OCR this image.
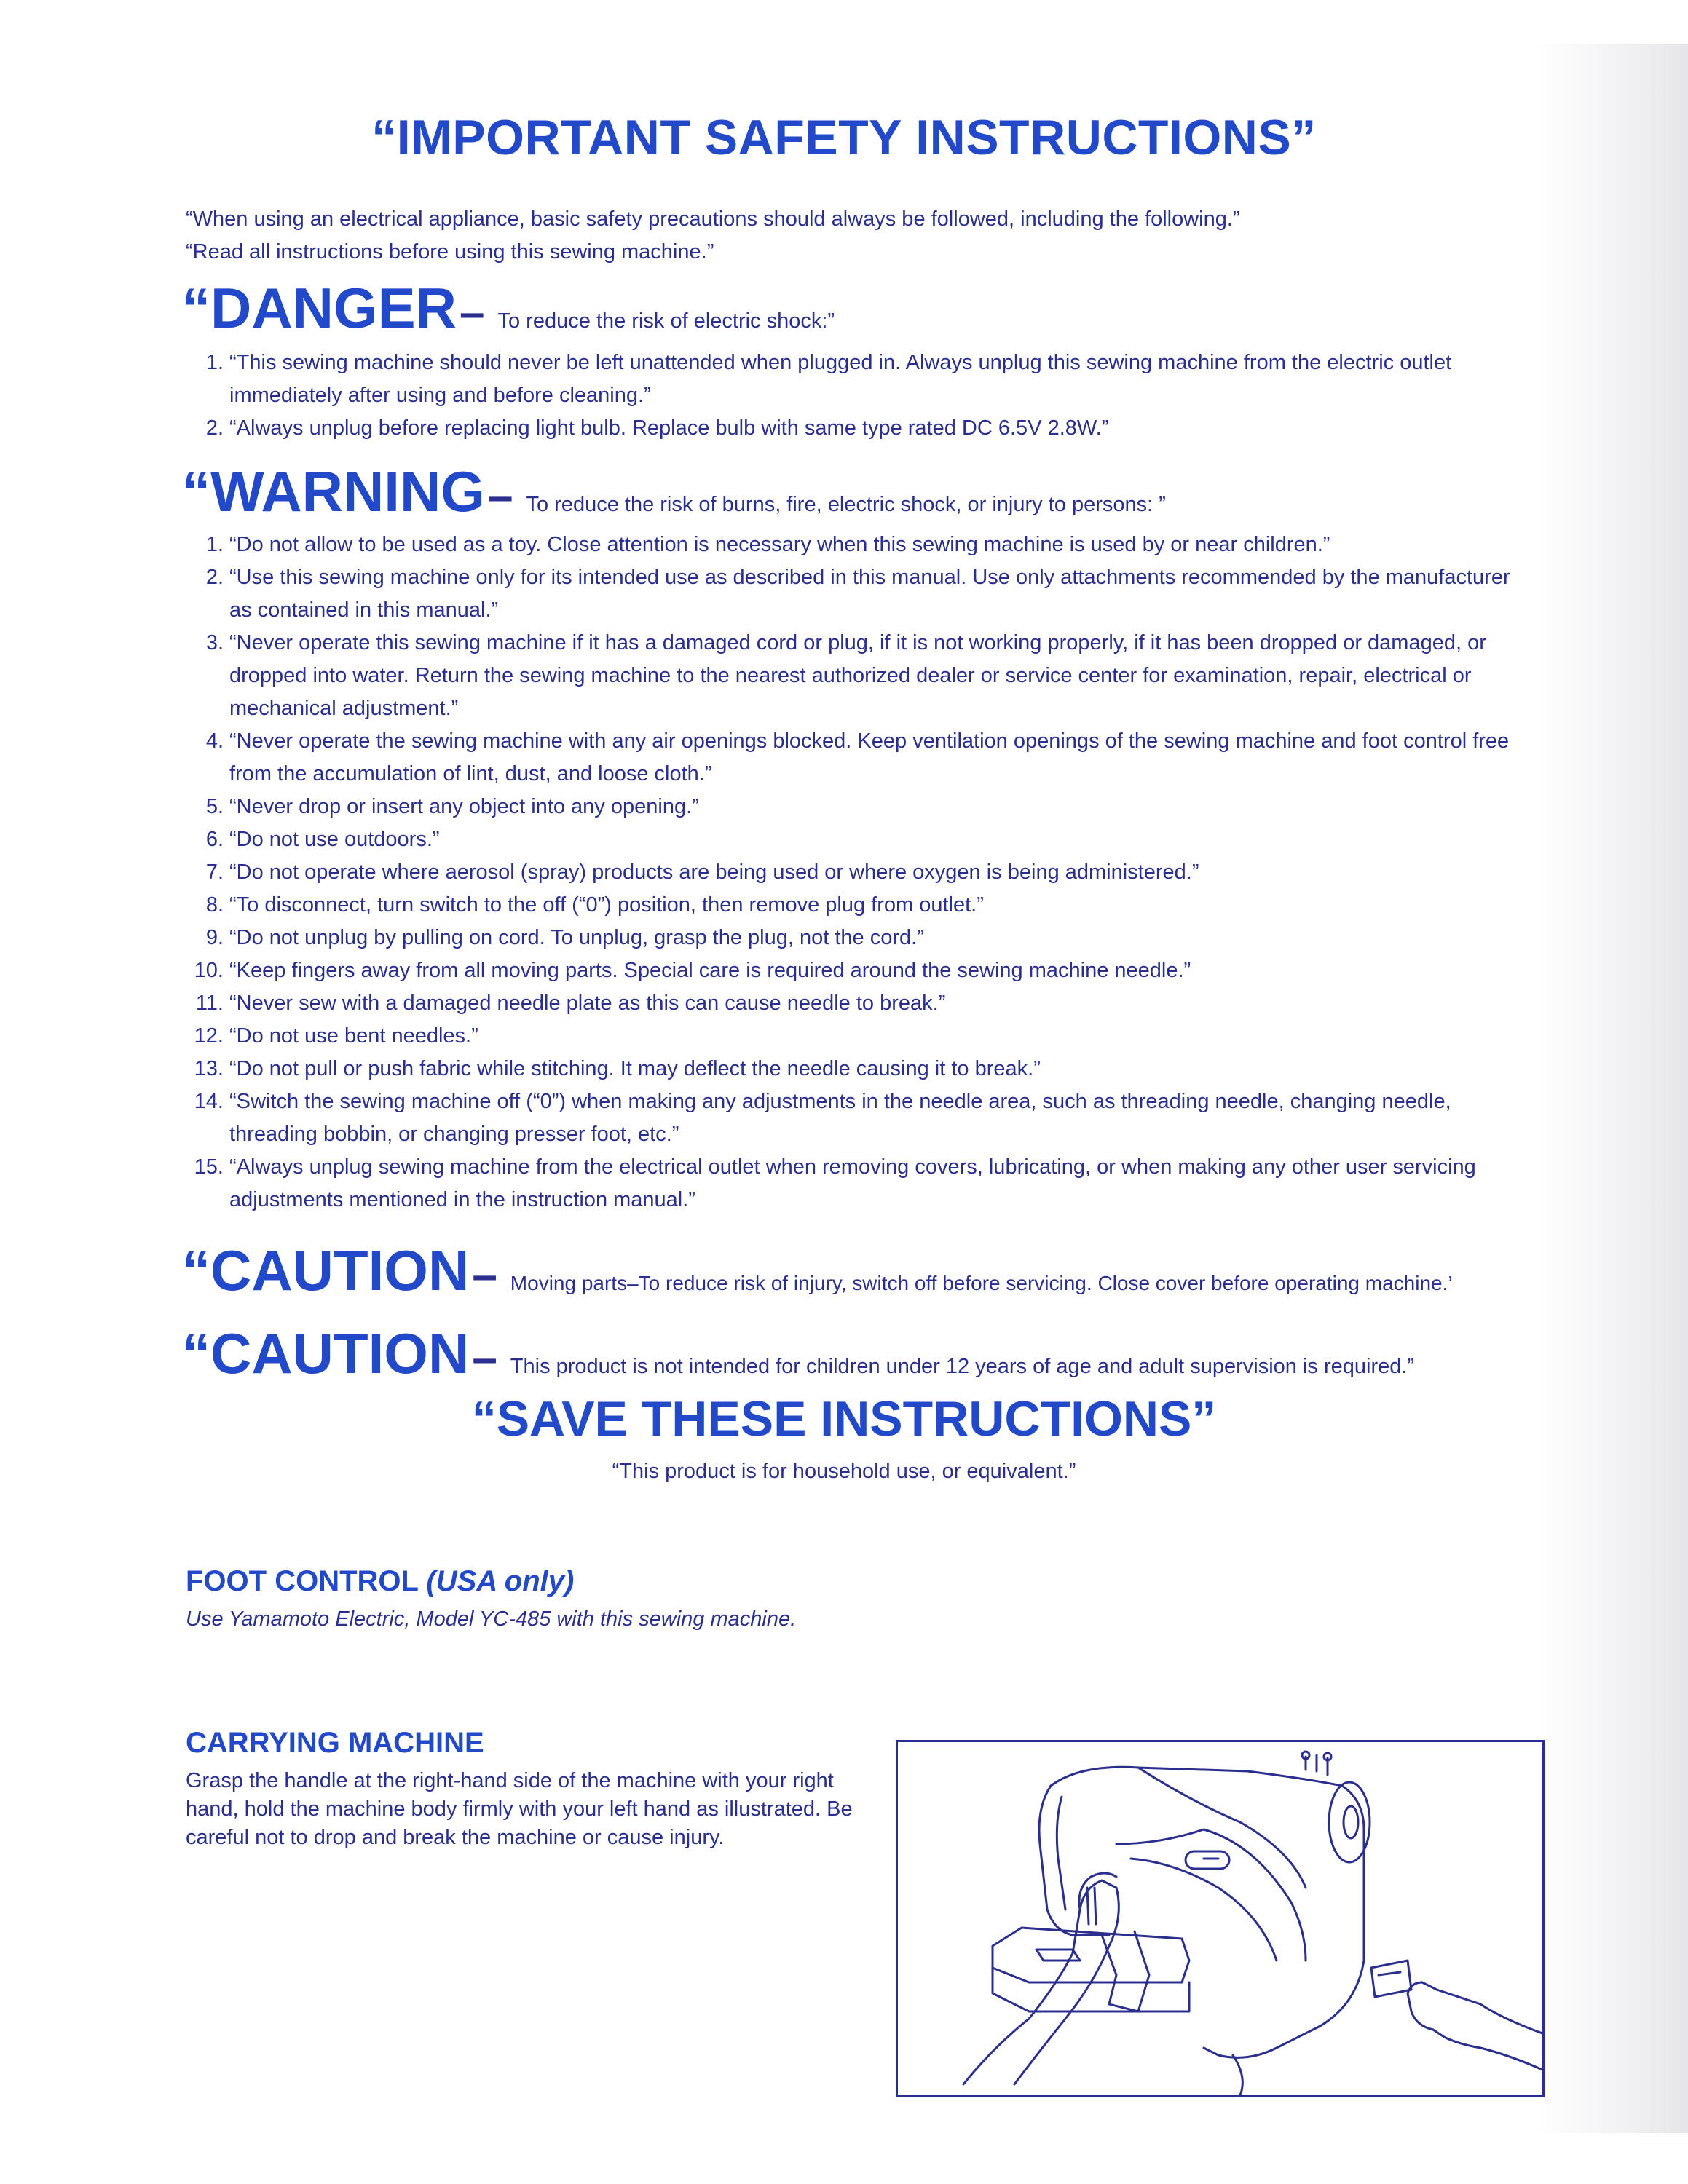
“IMPORTANT SAFETY INSTRUCTIONS”
“When using an electrical appliance, basic safety precautions should always be followed, including the following.”
“Read all instructions before using this sewing machine.”
“DANGER – To reduce the risk of electric shock:”
1. “This sewing machine should never be left unattended when plugged in. Always unplug this sewing machine from the electric outlet immediately after using and before cleaning.”
2. “Always unplug before replacing light bulb. Replace bulb with same type rated DC 6.5V 2.8W.”
“WARNING – To reduce the risk of burns, fire, electric shock, or injury to persons: ”
1. “Do not allow to be used as a toy. Close attention is necessary when this sewing machine is used by or near children.”
2. “Use this sewing machine only for its intended use as described in this manual. Use only attachments recommended by the manufacturer as contained in this manual.”
3. “Never operate this sewing machine if it has a damaged cord or plug, if it is not working properly, if it has been dropped or damaged, or dropped into water. Return the sewing machine to the nearest authorized dealer or service center for examination, repair, electrical or mechanical adjustment.”
4. “Never operate the sewing machine with any air openings blocked. Keep ventilation openings of the sewing machine and foot control free from the accumulation of lint, dust, and loose cloth.”
5. “Never drop or insert any object into any opening.”
6. “Do not use outdoors.”
7. “Do not operate where aerosol (spray) products are being used or where oxygen is being administered.”
8. “To disconnect, turn switch to the off (“0”) position, then remove plug from outlet.”
9. “Do not unplug by pulling on cord. To unplug, grasp the plug, not the cord.”
10. “Keep fingers away from all moving parts. Special care is required around the sewing machine needle.”
11. “Never sew with a damaged needle plate as this can cause needle to break.”
12. “Do not use bent needles.”
13. “Do not pull or push fabric while stitching. It may deflect the needle causing it to break.”
14. “Switch the sewing machine off (“0”) when making any adjustments in the needle area, such as threading needle, changing needle, threading bobbin, or changing presser foot, etc.”
15. “Always unplug sewing machine from the electrical outlet when removing covers, lubricating, or when making any other user servicing adjustments mentioned in the instruction manual.”
“CAUTION – Moving parts–To reduce risk of injury, switch off before servicing. Close cover before operating machine.’
“CAUTION – This product is not intended for children under 12 years of age and adult supervision is required.”
“SAVE THESE INSTRUCTIONS”
“This product is for household use, or equivalent.”
FOOT CONTROL (USA only)
Use Yamamoto Electric, Model YC-485 with this sewing machine.
CARRYING MACHINE
Grasp the handle at the right-hand side of the machine with your right hand, hold the machine body firmly with your left hand as illustrated. Be careful not to drop and break the machine or cause injury.
